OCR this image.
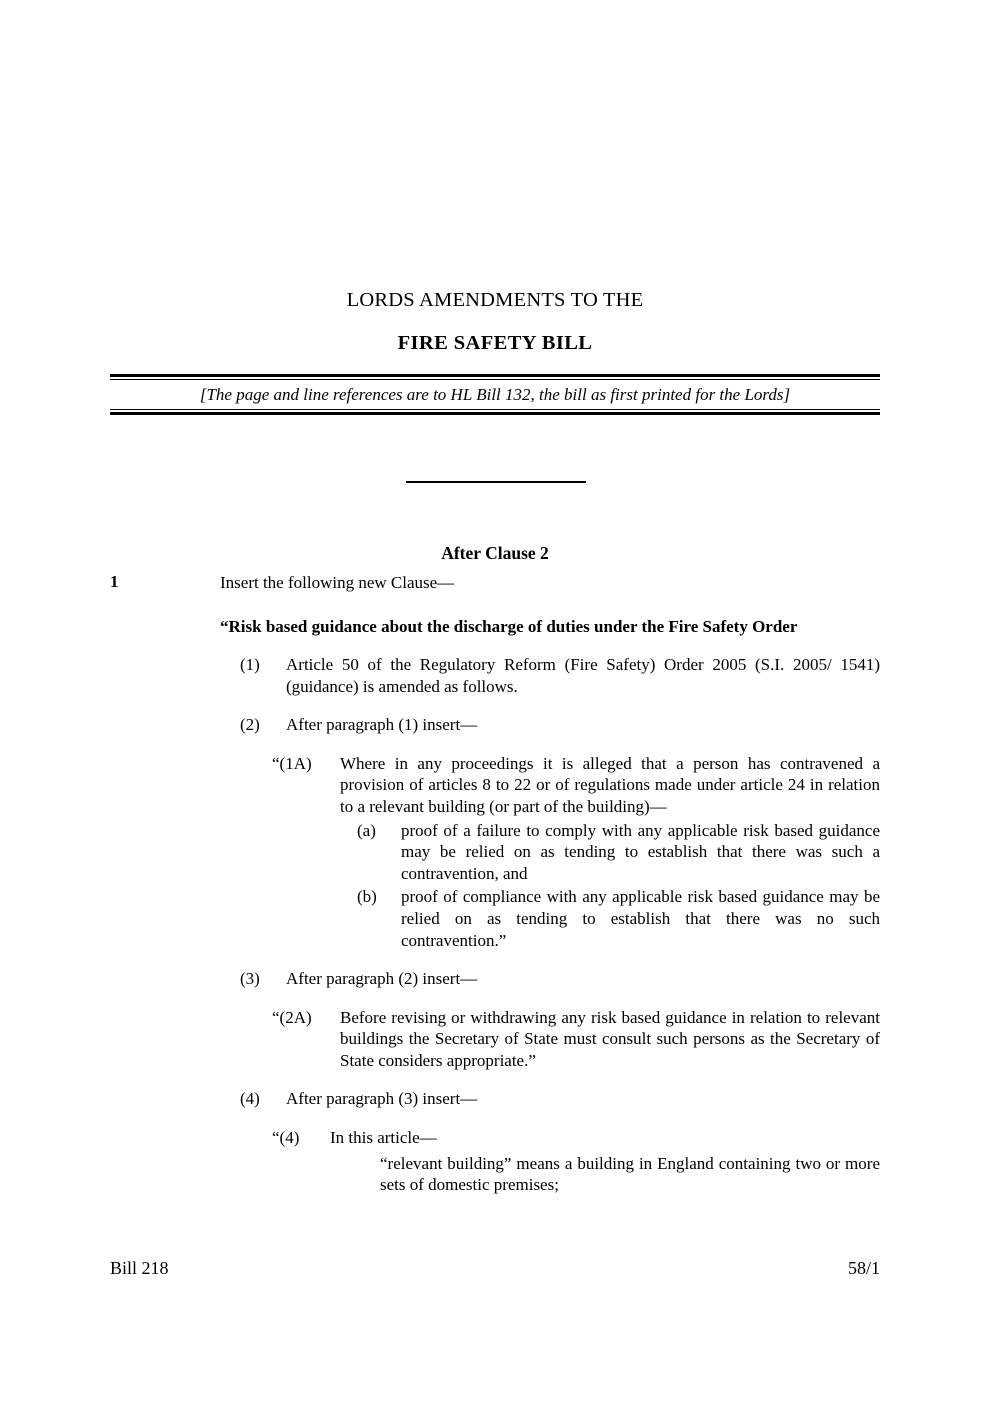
LORDS AMENDMENTS TO THE
FIRE SAFETY BILL
[The page and line references are to HL Bill 132, the bill as first printed for the Lords]
After Clause 2
1	Insert the following new Clause—
“Risk based guidance about the discharge of duties under the Fire Safety Order
(1)	Article 50 of the Regulatory Reform (Fire Safety) Order 2005 (S.I. 2005/ 1541) (guidance) is amended as follows.
(2)	After paragraph (1) insert—
“(1A)	Where in any proceedings it is alleged that a person has contravened a provision of articles 8 to 22 or of regulations made under article 24 in relation to a relevant building (or part of the building)—
(a)	proof of a failure to comply with any applicable risk based guidance may be relied on as tending to establish that there was such a contravention, and
(b)	proof of compliance with any applicable risk based guidance may be relied on as tending to establish that there was no such contravention.”
(3)	After paragraph (2) insert—
“(2A)	Before revising or withdrawing any risk based guidance in relation to relevant buildings the Secretary of State must consult such persons as the Secretary of State considers appropriate.”
(4)	After paragraph (3) insert—
“(4)	In this article—
“relevant building” means a building in England containing two or more sets of domestic premises;
Bill 218	58/1
